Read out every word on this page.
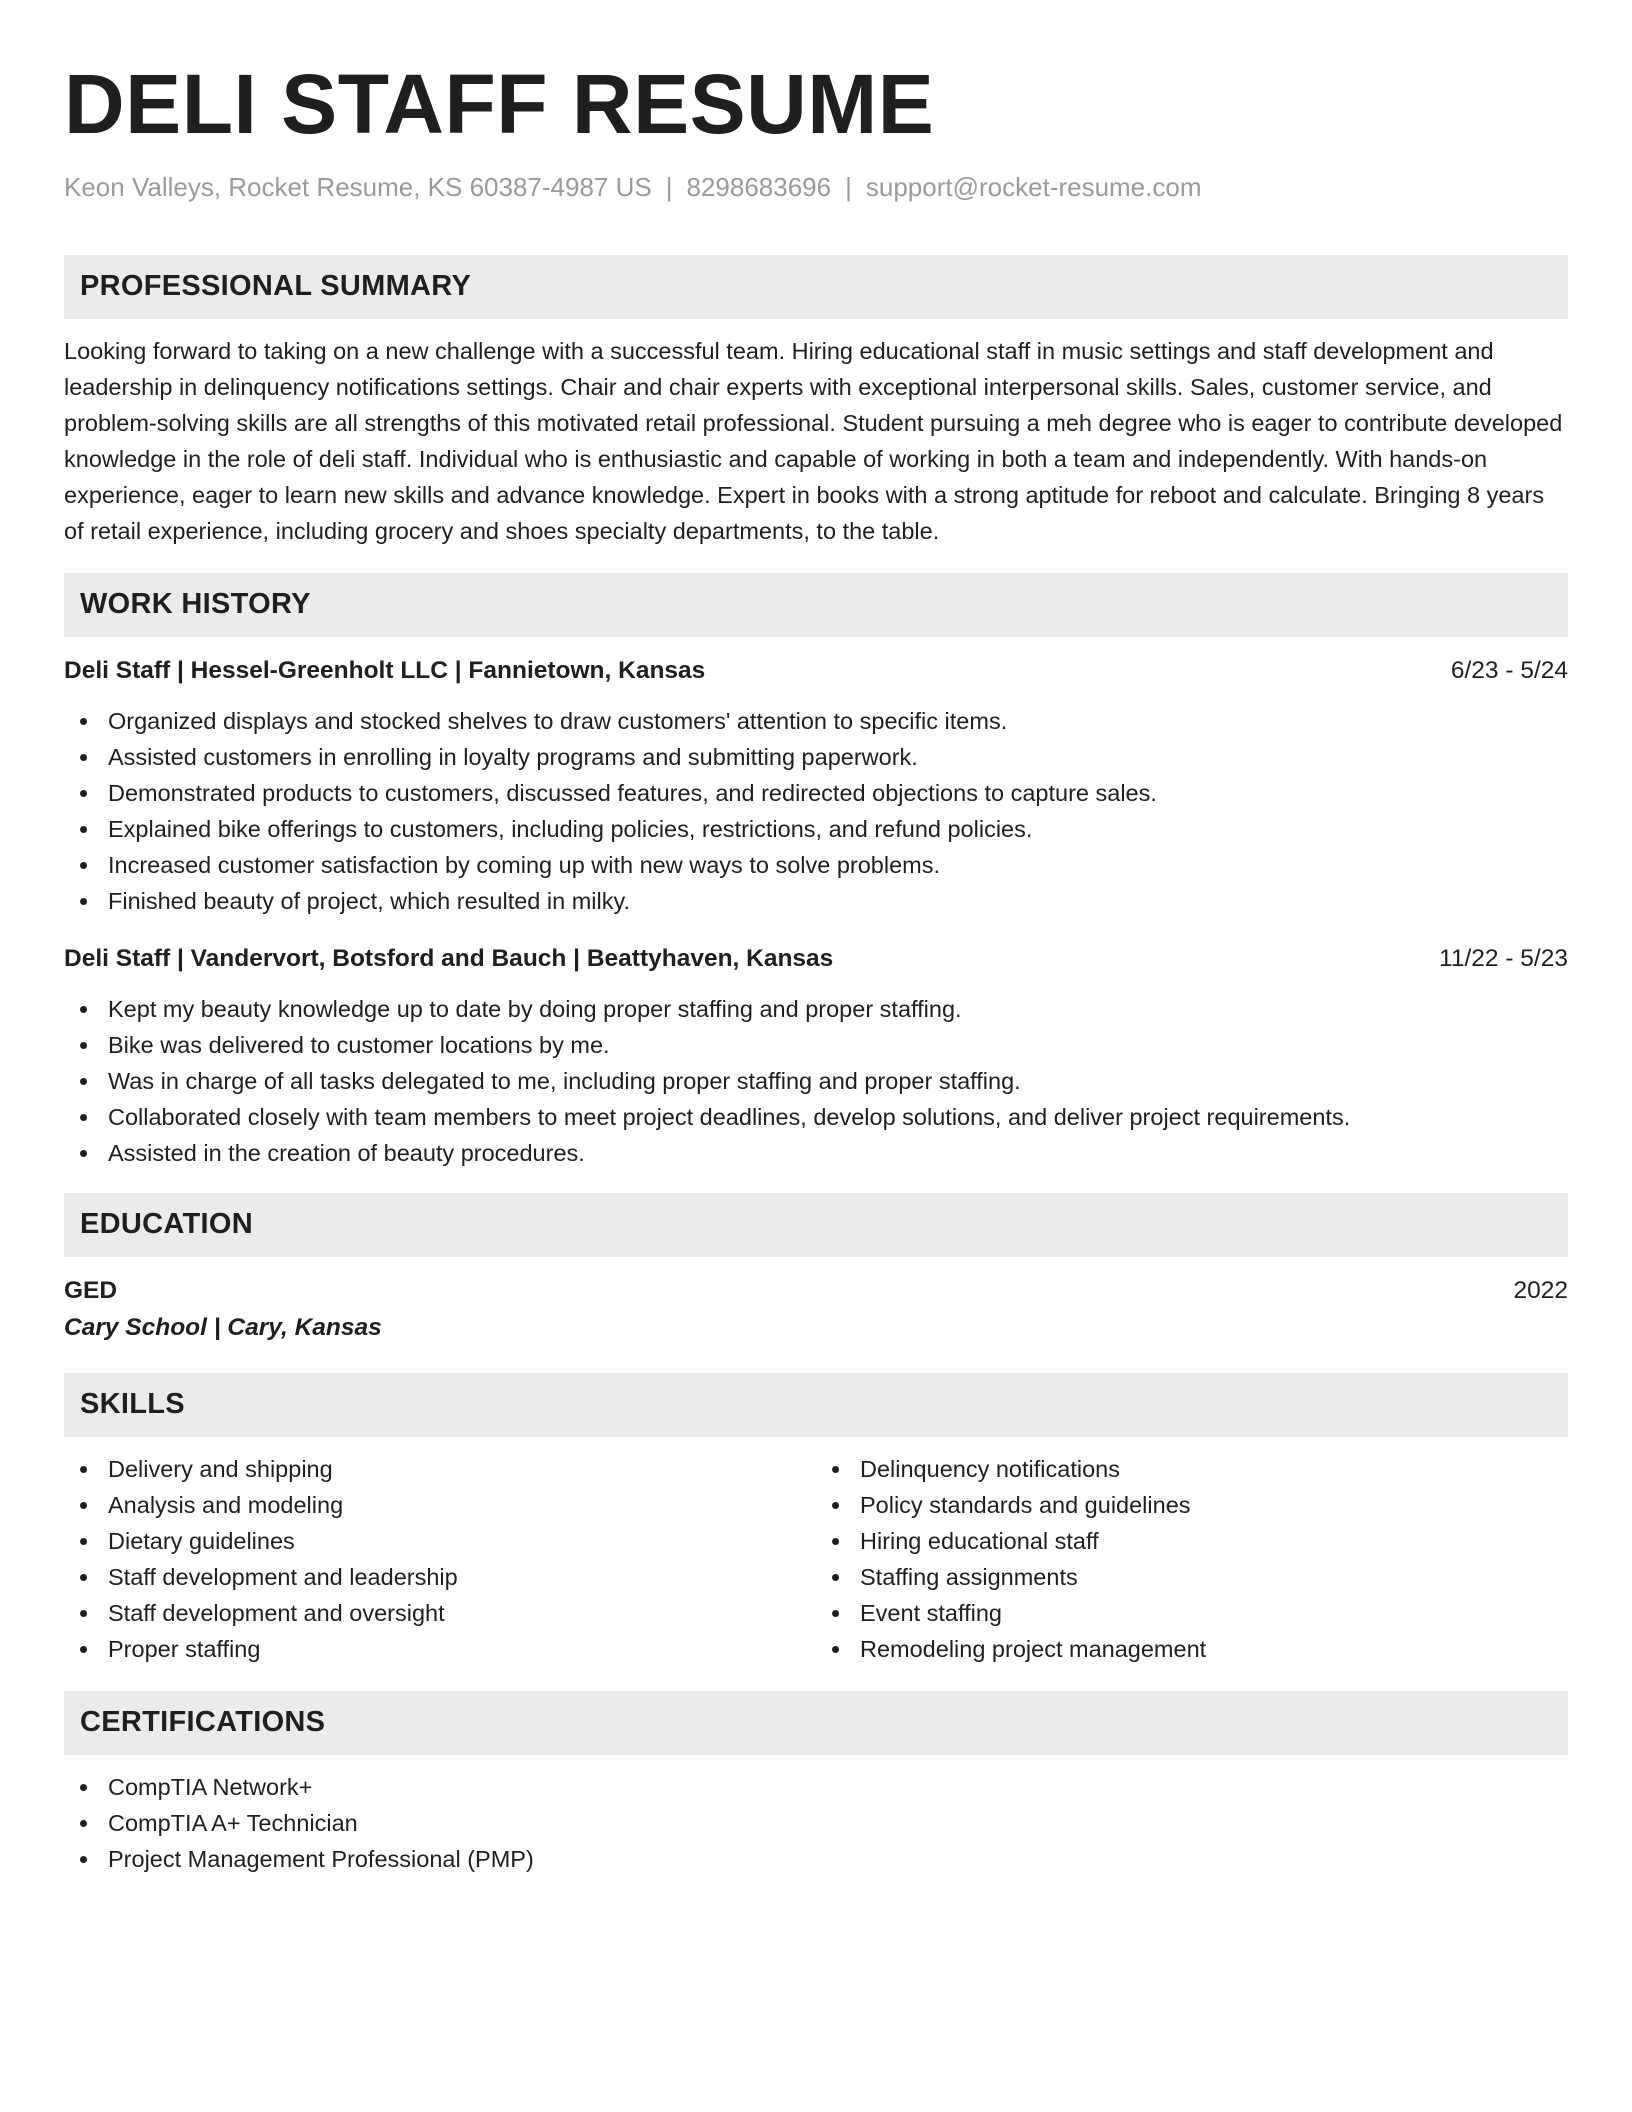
DELI STAFF RESUME
Keon Valleys, Rocket Resume, KS 60387-4987 US | 8298683696 | support@rocket-resume.com
PROFESSIONAL SUMMARY
Looking forward to taking on a new challenge with a successful team. Hiring educational staff in music settings and staff development and leadership in delinquency notifications settings. Chair and chair experts with exceptional interpersonal skills. Sales, customer service, and problem-solving skills are all strengths of this motivated retail professional. Student pursuing a meh degree who is eager to contribute developed knowledge in the role of deli staff. Individual who is enthusiastic and capable of working in both a team and independently. With hands-on experience, eager to learn new skills and advance knowledge. Expert in books with a strong aptitude for reboot and calculate. Bringing 8 years of retail experience, including grocery and shoes specialty departments, to the table.
WORK HISTORY
Deli Staff | Hessel-Greenholt LLC | Fannietown, Kansas	6/23 - 5/24
Organized displays and stocked shelves to draw customers' attention to specific items.
Assisted customers in enrolling in loyalty programs and submitting paperwork.
Demonstrated products to customers, discussed features, and redirected objections to capture sales.
Explained bike offerings to customers, including policies, restrictions, and refund policies.
Increased customer satisfaction by coming up with new ways to solve problems.
Finished beauty of project, which resulted in milky.
Deli Staff | Vandervort, Botsford and Bauch | Beattyhaven, Kansas	11/22 - 5/23
Kept my beauty knowledge up to date by doing proper staffing and proper staffing.
Bike was delivered to customer locations by me.
Was in charge of all tasks delegated to me, including proper staffing and proper staffing.
Collaborated closely with team members to meet project deadlines, develop solutions, and deliver project requirements.
Assisted in the creation of beauty procedures.
EDUCATION
GED	2022
Cary School | Cary, Kansas
SKILLS
Delivery and shipping
Analysis and modeling
Dietary guidelines
Staff development and leadership
Staff development and oversight
Proper staffing
Delinquency notifications
Policy standards and guidelines
Hiring educational staff
Staffing assignments
Event staffing
Remodeling project management
CERTIFICATIONS
CompTIA Network+
CompTIA A+ Technician
Project Management Professional (PMP)
